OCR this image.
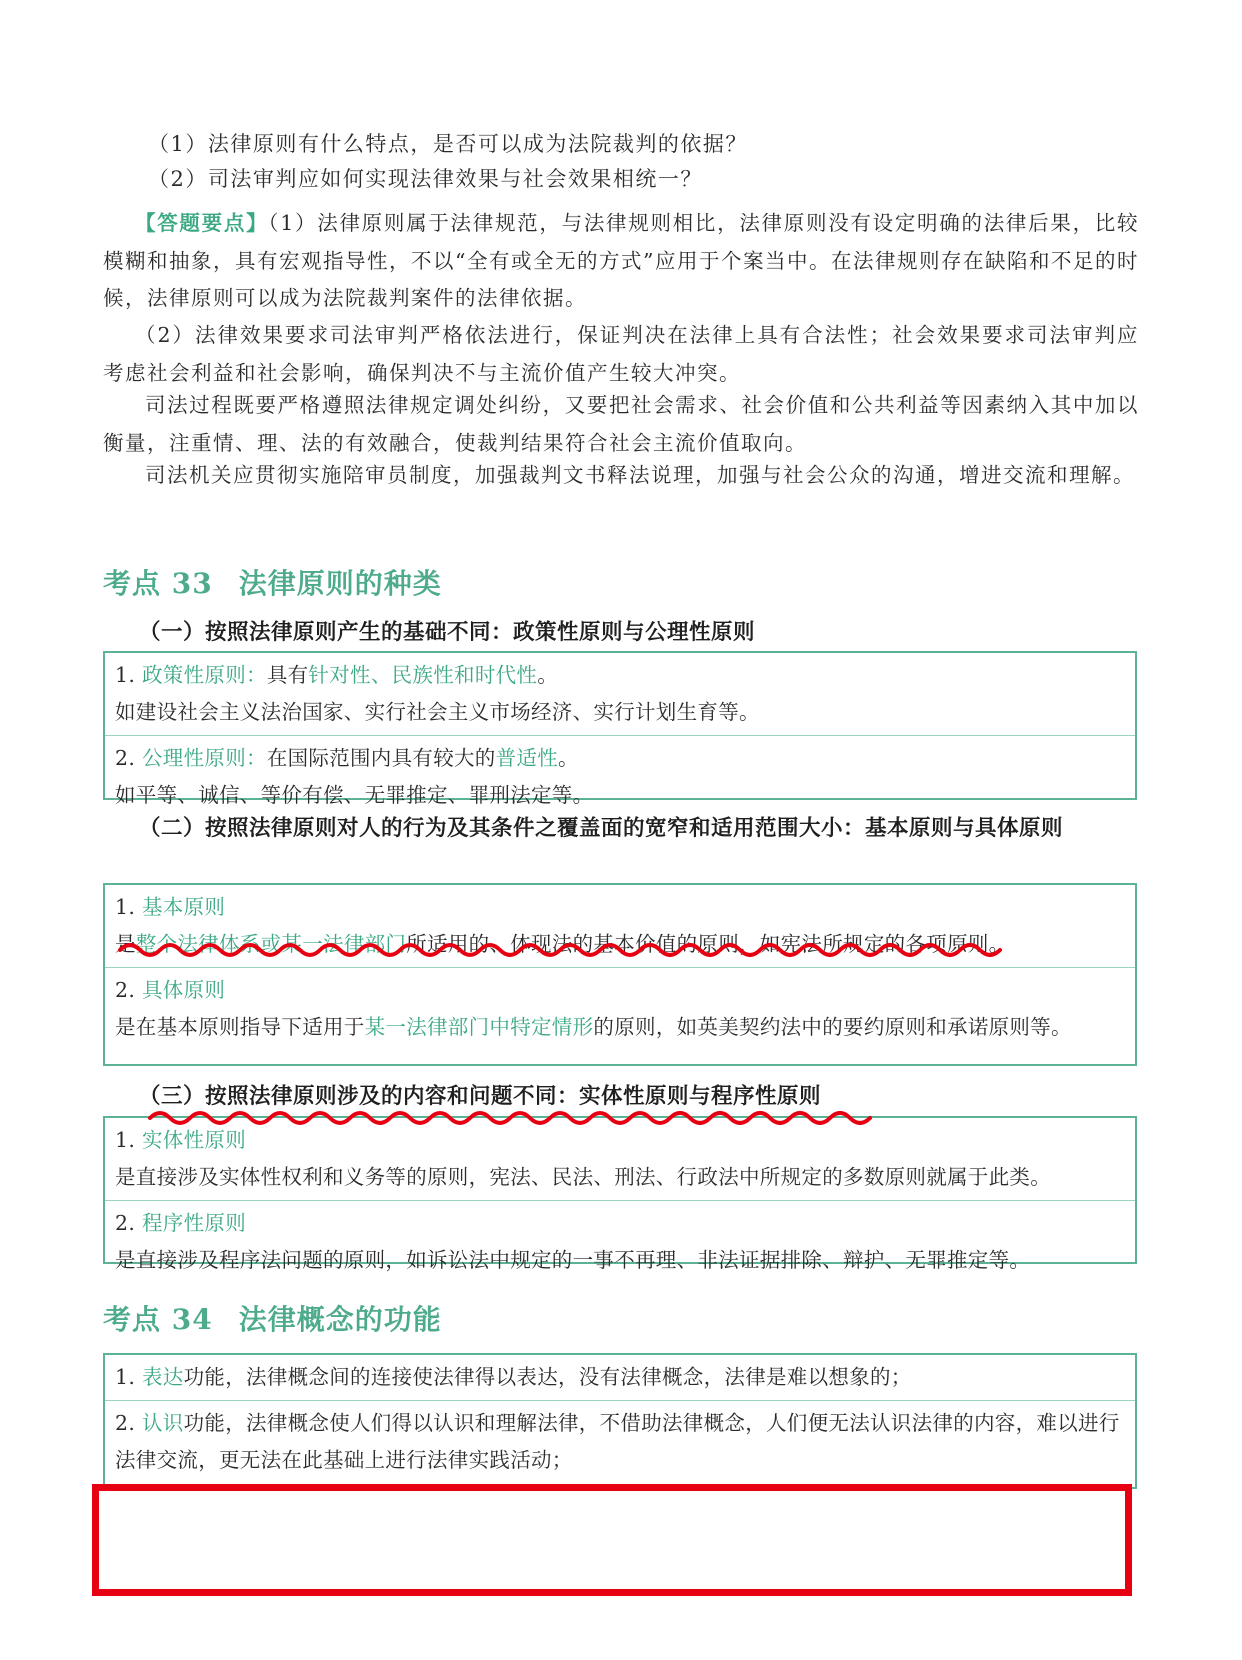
（1）法律原则有什么特点，是否可以成为法院裁判的依据？
（2）司法审判应如何实现法律效果与社会效果相统一？
【答题要点】（1）法律原则属于法律规范，与法律规则相比，法律原则没有设定明确的法律后果，比较模糊和抽象，具有宏观指导性，不以“全有或全无的方式”应用于个案当中。在法律规则存在缺陷和不足的时候，法律原则可以成为法院裁判案件的法律依据。
（2）法律效果要求司法审判严格依法进行，保证判决在法律上具有合法性；社会效果要求司法审判应考虑社会利益和社会影响，确保判决不与主流价值产生较大冲突。
司法过程既要严格遵照法律规定调处纠纷，又要把社会需求、社会价值和公共利益等因素纳入其中加以衡量，注重情、理、法的有效融合，使裁判结果符合社会主流价值取向。
司法机关应贯彻实施陪审员制度，加强裁判文书释法说理，加强与社会公众的沟通，增进交流和理解。
考点 33 法律原则的种类
（一）按照法律原则产生的基础不同：政策性原则与公理性原则
1. 政策性原则：具有针对性、民族性和时代性。
如建设社会主义法治国家、实行社会主义市场经济、实行计划生育等。
2. 公理性原则：在国际范围内具有较大的普适性。
如平等、诚信、等价有偿、无罪推定、罪刑法定等。
（二）按照法律原则对人的行为及其条件之覆盖面的宽窄和适用范围大小：基本原则与具体原则
1. 基本原则
是整个法律体系或某一法律部门所适用的、体现法的基本价值的原则，如宪法所规定的各项原则。
2. 具体原则
是在基本原则指导下适用于某一法律部门中特定情形的原则，如英美契约法中的要约原则和承诺原则等。
（三）按照法律原则涉及的内容和问题不同：实体性原则与程序性原则
1. 实体性原则
是直接涉及实体性权利和义务等的原则，宪法、民法、刑法、行政法中所规定的多数原则就属于此类。
2. 程序性原则
是直接涉及程序法问题的原则，如诉讼法中规定的一事不再理、非法证据排除、辩护、无罪推定等。
考点 34 法律概念的功能
1. 表达功能，法律概念间的连接使法律得以表达，没有法律概念，法律是难以想象的；
2. 认识功能，法律概念使人们得以认识和理解法律，不借助法律概念，人们便无法认识法律的内容，难以进行法律交流，更无法在此基础上进行法律实践活动；
